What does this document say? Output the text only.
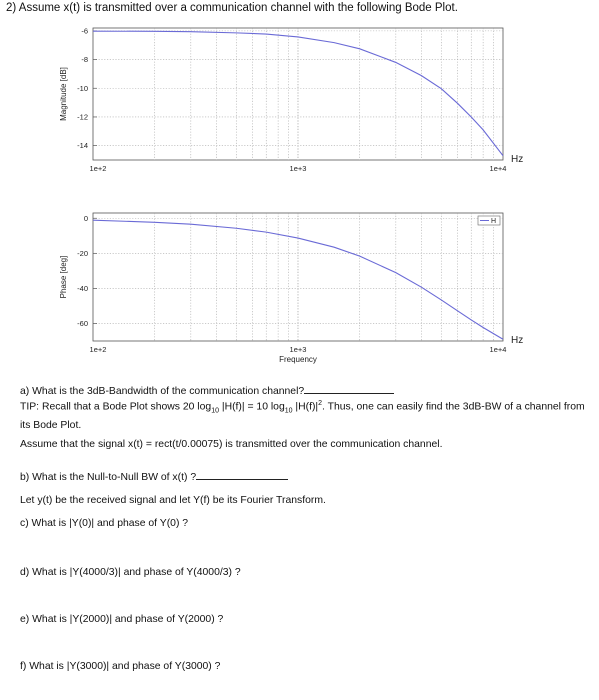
2) Assume x(t) is transmitted over a communication channel with the following Bode Plot.
-6
-8
-10
-12
-14
1e+2	1e+3	1e+4
Magnitude [dB]
Hz
0
-20
-40
-60
1e+2	1e+3	1e+4
Phase [deg]
Frequency
Hz
H
a) What is the 3dB-Bandwidth of the communication channel?
TIP: Recall that a Bode Plot shows 20 $\log_{10} |H(f)| = 10$ $\log_{10} |H(f)|^2$. Thus, one can easily find the 3dB-BW of a channel from its Bode Plot.
Assume that the signal x(t) = rect(t/0.00075) is transmitted over the communication channel.
b) What is the Null-to-Null BW of x(t) ?
Let y(t) be the received signal and let Y(f) be its Fourier Transform.
c) What is |Y(0)| and phase of Y(0) ?
d) What is |Y(4000/3)| and phase of Y(4000/3) ?
e) What is |Y(2000)| and phase of Y(2000) ?
f) What is |Y(3000)| and phase of Y(3000) ?
